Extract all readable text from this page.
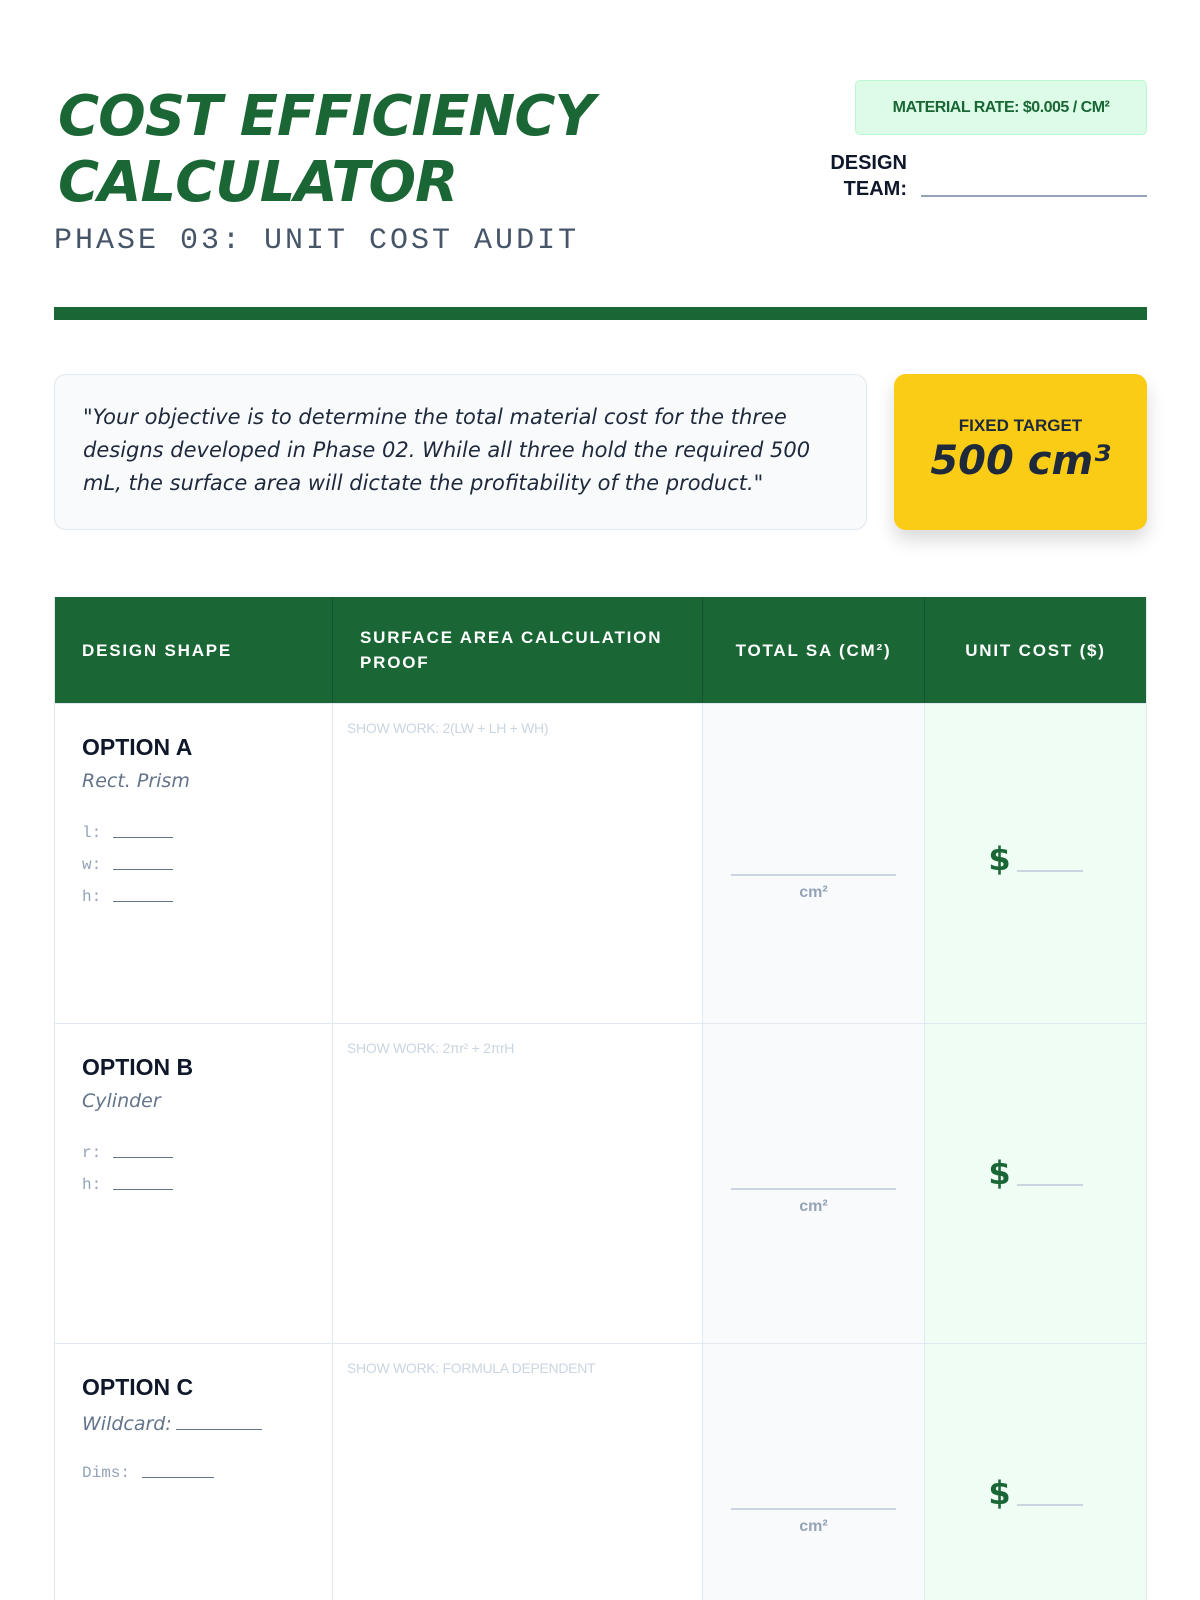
COST EFFICIENCY
CALCULATOR
PHASE 03: UNIT COST AUDIT
MATERIAL RATE: $0.005 / CM²
DESIGN TEAM:
"Your objective is to determine the total material cost for the three designs developed in Phase 02. While all three hold the required 500 mL, the surface area will dictate the profitability of the product."
FIXED TARGET
500 cm³
DESIGN SHAPE
SURFACE AREA CALCULATION PROOF
TOTAL SA (CM²)	UNIT COST ($)
OPTION A
Rect. Prism
l:
w:
h:
SHOW WORK: 2(LW + LH + WH)
cm²
$
OPTION B
Cylinder
r:
h:
SHOW WORK: 2πr² + 2πrH
cm²
$
OPTION C
Wildcard:
Dims:
SHOW WORK: FORMULA DEPENDENT
cm²
$
